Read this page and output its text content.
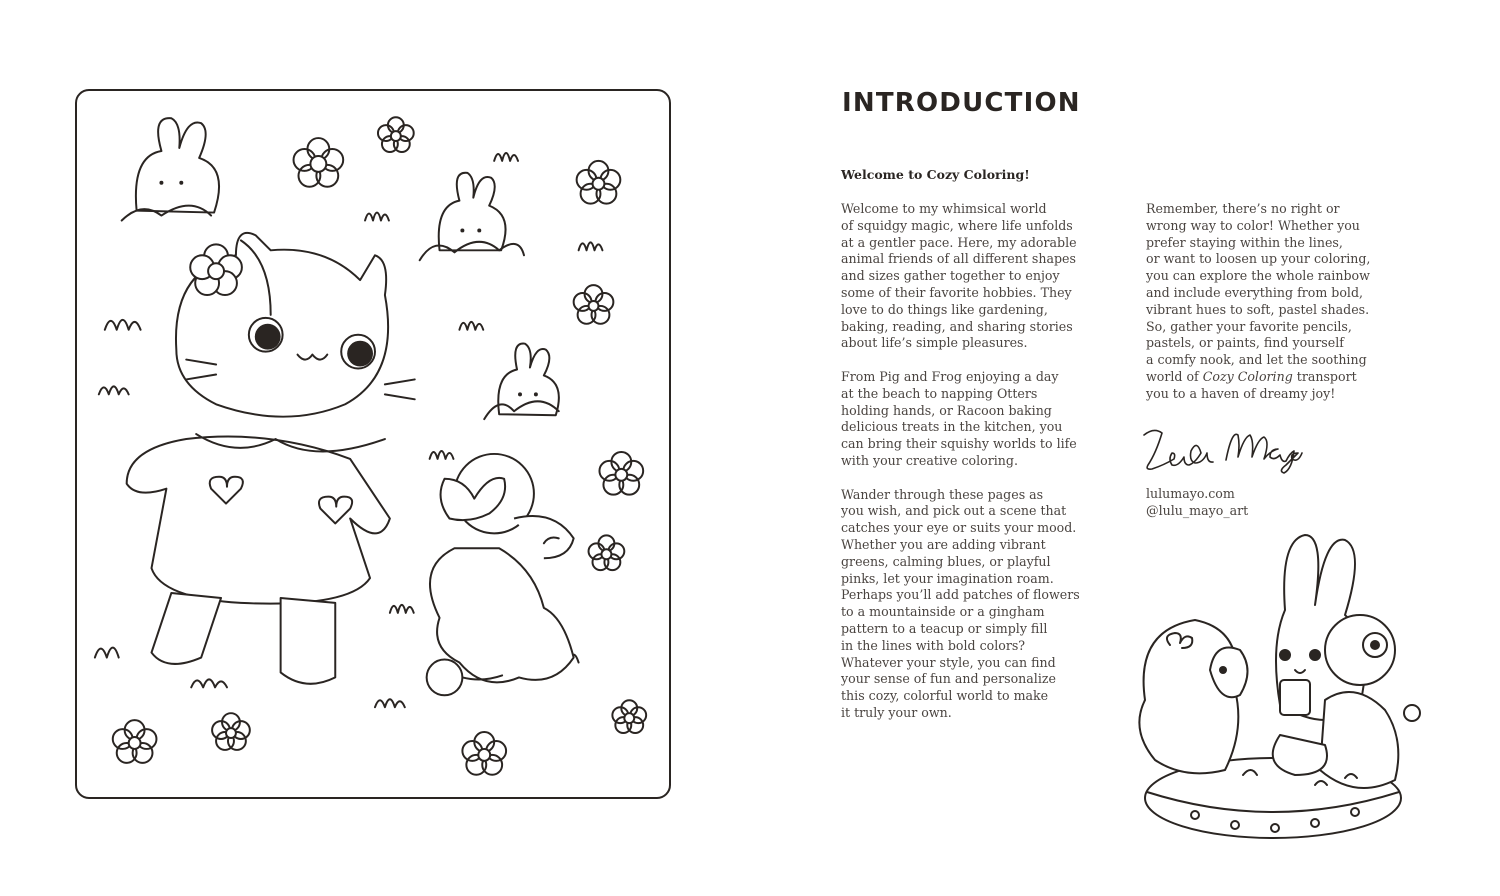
INTRODUCTION
Welcome to Cozy Coloring!

Welcome to my whimsical world
of squidgy magic, where life unfolds
at a gentler pace. Here, my adorable
animal friends of all different shapes
and sizes gather together to enjoy
some of their favorite hobbies. They
love to do things like gardening,
baking, reading, and sharing stories
about life’s simple pleasures.

From Pig and Frog enjoying a day
at the beach to napping Otters
holding hands, or Racoon baking
delicious treats in the kitchen, you
can bring their squishy worlds to life
with your creative coloring.

Wander through these pages as
you wish, and pick out a scene that
catches your eye or suits your mood.
Whether you are adding vibrant
greens, calming blues, or playful
pinks, let your imagination roam.
Perhaps you’ll add patches of flowers
to a mountainside or a gingham
pattern to a teacup or simply fill
in the lines with bold colors?
Whatever your style, you can find
your sense of fun and personalize
this cozy, colorful world to make
it truly your own.

Remember, there’s no right or
wrong way to color! Whether you
prefer staying within the lines,
or want to loosen up your coloring,
you can explore the whole rainbow
and include everything from bold,
vibrant hues to soft, pastel shades.
So, gather your favorite pencils,
pastels, or paints, find yourself
a comfy nook, and let the soothing
world of Cozy Coloring transport
you to a haven of dreamy joy!

lulumayo.com
@lulu_mayo_art
